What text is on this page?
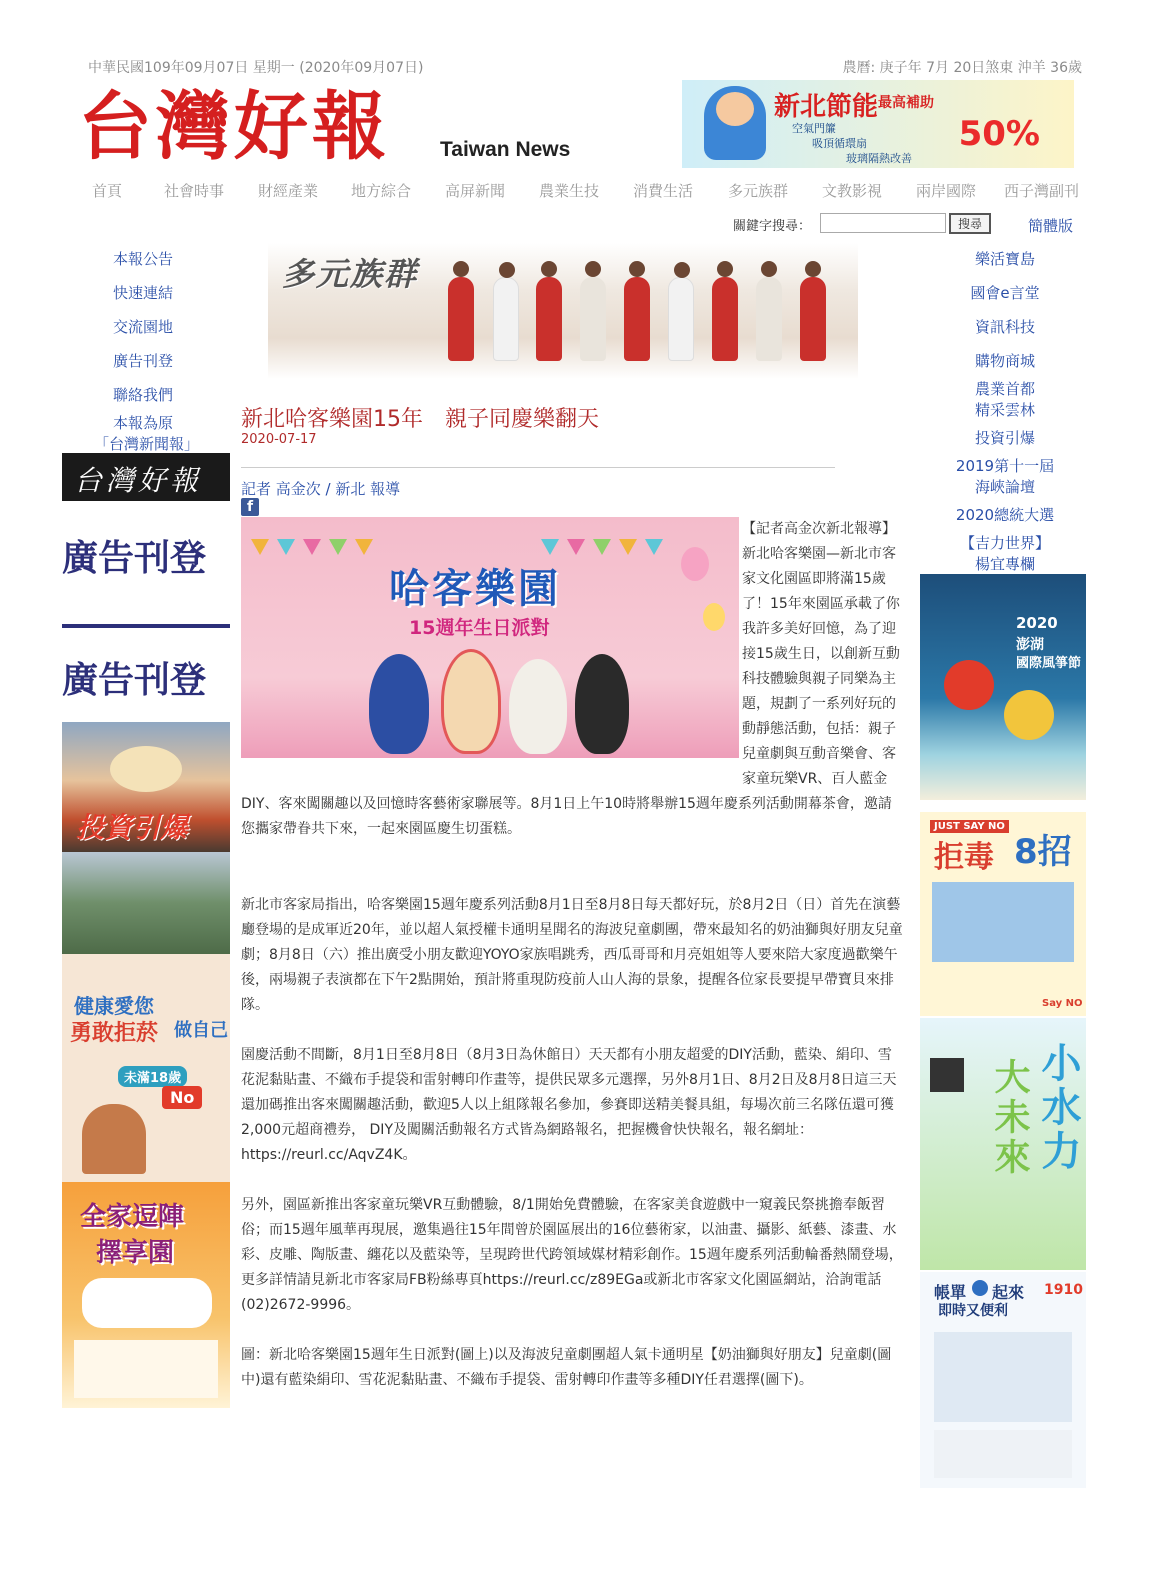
中華民國109年09月07日 星期一 (2020年09月07日)	農曆: 庚子年 7月 20日煞東 沖羊 36歲
台灣好報 Taiwan News
新北節能 最高補助
50%
空氣門簾
吸頂循環扇
玻璃隔熱改善
首頁	社會時事 財經產業 地方綜合 高屏新聞 農業生技 消費生活 多元族群 文教影視 兩岸國際 西子灣副刊
關鍵字搜尋：	搜尋	簡體版
本報公告
快速連結
交流園地
廣告刊登
聯絡我們
本報為原
「台灣新聞報」
樂活寶島
國會e言堂
資訊科技
購物商城
農業首都
精采雲林
投資引爆
2019第十一屆
海峽論壇
2020總統大選
【吉力世界】
楊宜專欄
多元族群
新北哈客樂園15年　親子同慶樂翻天
2020-07-17
記者 高金次 / 新北 報導
f
【記者高金次新北報導】新北哈客樂園—新北市客家文化園區即將滿15歲了！15年來園區承載了你我許多美好回憶，為了迎接15歲生日，以創新互動科技體驗與親子同樂為主題，規劃了一系列好玩的動靜態活動，包括：親子兒童劇與互動音樂會、客家童玩樂VR、百人藍金DIY、客來闖關趣以及回憶時客藝術家聯展等。8月1日上午10時將舉辦15週年慶系列活動開幕茶會，邀請您攜家帶眷共下來，一起來園區慶生切蛋糕。
哈客樂園
15週年生日派對
新北市客家局指出，哈客樂園15週年慶系列活動8月1日至8月8日每天都好玩，於8月2日（日）首先在演藝廳登場的是成軍近20年，並以超人氣授權卡通明星聞名的海波兒童劇團，帶來最知名的奶油獅與好朋友兒童劇；8月8日（六）推出廣受小朋友歡迎YOYO家族唱跳秀，西瓜哥哥和月亮姐姐等人要來陪大家度過歡樂午後，兩場親子表演都在下午2點開始，預計將重現防疫前人山人海的景象，提醒各位家長要提早帶寶貝來排隊。
園慶活動不間斷，8月1日至8月8日（8月3日為休館日）天天都有小朋友超愛的DIY活動，藍染、絹印、雪花泥黏貼畫、不織布手提袋和雷射轉印作畫等，提供民眾多元選擇，另外8月1日、8月2日及8月8日這三天還加碼推出客來闖關趣活動，歡迎5人以上組隊報名參加，參賽即送精美餐具組，每場次前三名隊伍還可獲2,000元超商禮券， DIY及闖關活動報名方式皆為網路報名，把握機會快快報名，報名網址：https://reurl.cc/AqvZ4K。
另外，園區新推出客家童玩樂VR互動體驗，8/1開始免費體驗，在客家美食遊戲中一窺義民祭挑擔奉飯習俗；而15週年風華再現展，邀集過往15年間曾於園區展出的16位藝術家，以油畫、攝影、紙藝、漆畫、水彩、皮雕、陶版畫、纏花以及藍染等，呈現跨世代跨領域媒材精彩創作。15週年慶系列活動輪番熱鬧登場，更多詳情請見新北市客家局FB粉絲專頁https://reurl.cc/z89EGa或新北市客家文化園區網站，洽詢電話(02)2672-9996。
圖：新北哈客樂園15週年生日派對(圖上)以及海波兒童劇團超人氣卡通明星【奶油獅與好朋友】兒童劇(圖中)還有藍染絹印、雪花泥黏貼畫、不織布手提袋、雷射轉印作畫等多種DIY任君選擇(圖下)。
台灣好報
廣告刊登
廣告刊登
投資引爆
健康愛您
勇敢拒菸 做自己
未滿18歲
No
全家逗陣
擇享園
2020
澎湖
國際風箏節
JUST SAY NO
拒毒 8招
Say NO
小水力
大未來
帳單 起來
即時又便利
1910
